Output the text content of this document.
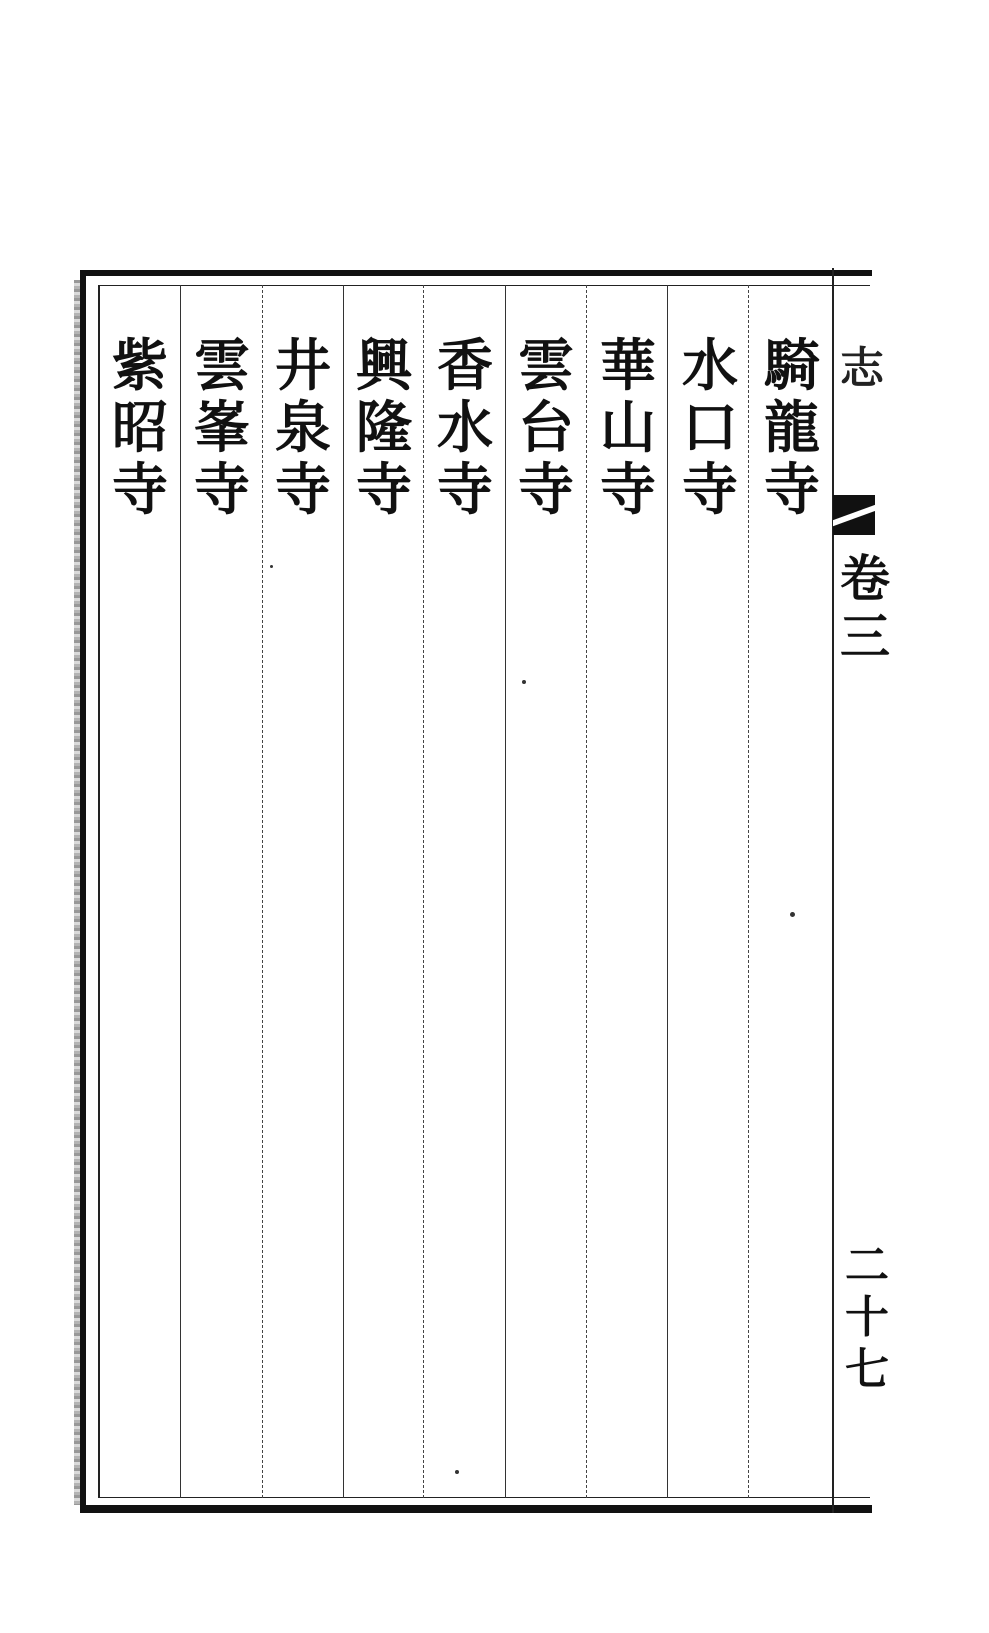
騎
龍
寺
水
口
寺
華
山
寺
雲
台
寺
香
水
寺
興
隆
寺
井
泉
寺
雲
峯
寺
紫
昭
寺
志
卷
三
二
十
七
